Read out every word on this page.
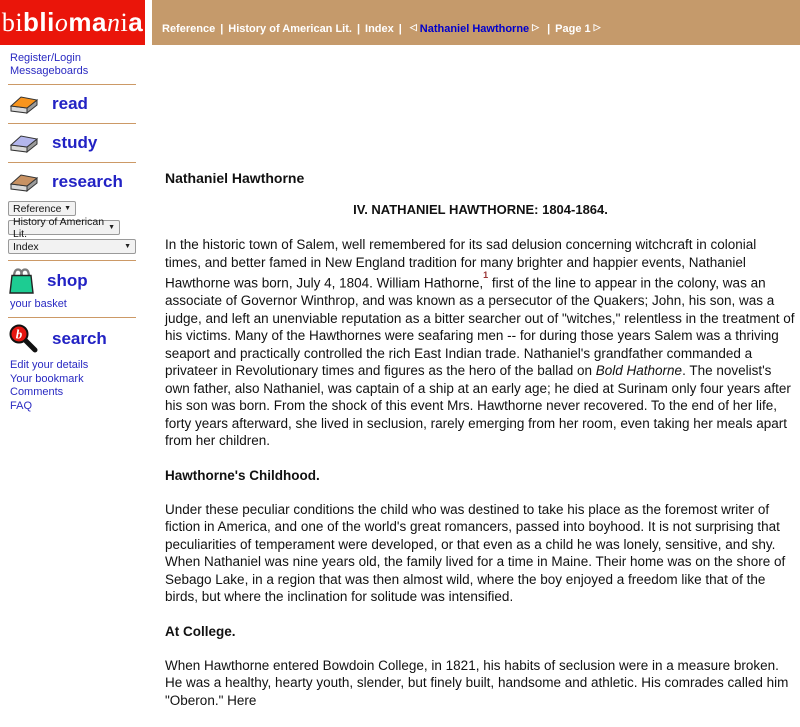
bi bli o ma n i a Reference | History of American Lit. | Index | ◁ Nathaniel Hawthorne ▷ | Page 1 ▷
Register/Login
Messageboards
read
study
research
Reference ▼
History of American Lit.	▼
Index	▼
shop
your basket
b search
Edit your details
Your bookmark
Comments
FAQ
Nathaniel Hawthorne
IV. NATHANIEL HAWTHORNE: 1804-1864.

In the historic town of Salem, well remembered for its sad delusion concerning witchcraft in colonial times, and better famed in New England tradition for many brighter and happier events, Nathaniel Hawthorne was born, July 4, 1804. William Hathorne,$^1$ first of the line to appear in the colony, was an associate of Governor Winthrop, and was known as a persecutor of the Quakers; John, his son, was a judge, and left an unenviable reputation as a bitter searcher out of "witches," relentless in the treatment of his victims. Many of the Hawthornes were seafaring men -- for during those years Salem was a thriving seaport and practically controlled the rich East Indian trade. Nathaniel's grandfather commanded a privateer in Revolutionary times and figures as the hero of the ballad on Bold Hathorne. The novelist's own father, also Nathaniel, was captain of a ship at an early age; he died at Surinam only four years after his son was born. From the shock of this event Mrs. Hawthorne never recovered. To the end of her life, forty years afterward, she lived in seclusion, rarely emerging from her room, even taking her meals apart from her children.

Hawthorne's Childhood.

Under these peculiar conditions the child who was destined to take his place as the foremost writer of fiction in America, and one of the world's great romancers, passed into boyhood. It is not surprising that peculiarities of temperament were developed, or that even as a child he was lonely, sensitive, and shy. When Nathaniel was nine years old, the family lived for a time in Maine. Their home was on the shore of Sebago Lake, in a region that was then almost wild, where the boy enjoyed a freedom like that of the birds, but where the inclination for solitude was intensified.

At College.

When Hawthorne entered Bowdoin College, in 1821, his habits of seclusion were in a measure broken. He was a healthy, hearty youth, slender, but finely built, handsome and athletic. His comrades called him "Oberon." Here
